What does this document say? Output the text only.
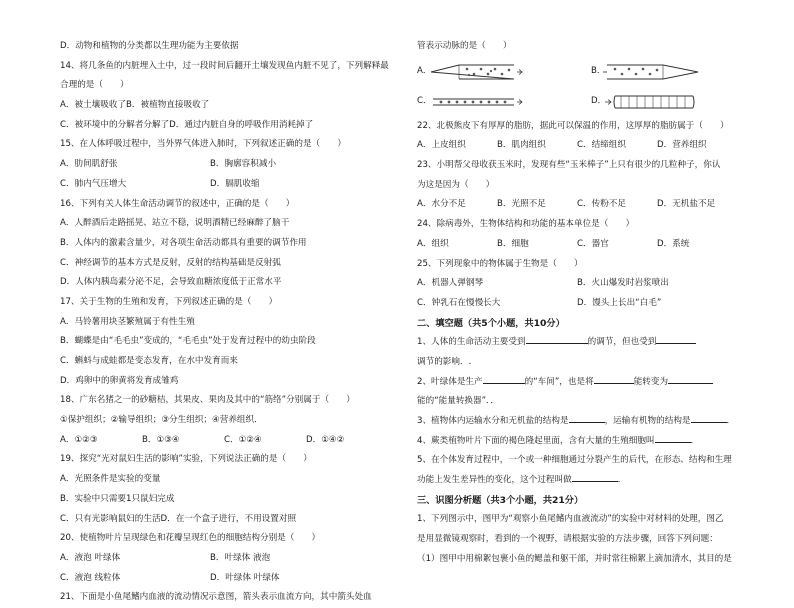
D．动物和植物的分类都以生理功能为主要依据
14、将几条鱼的内脏埋入土中，过一段时间后翻开土壤发现鱼内脏不见了，下列解释最
合理的是（　　）
A．被土壤吸收了B．被植物直接吸收了
C．被环境中的分解者分解了D．通过内脏自身的呼吸作用消耗掉了
15、在人体呼吸过程中，当外界气体进入肺时，下列叙述正确的是（　　）
A．肋间肌舒张	B．胸廓容积减小
C．肺内气压增大	D．膈肌收缩
16、下列有关人体生命活动调节的叙述中，正确的是（　　）
A．人醉酒后走路摇晃、站立不稳，说明酒精已经麻醉了脑干
B．人体内的激素含量少，对各项生命活动都具有重要的调节作用
C．神经调节的基本方式是反射，反射的结构基础是反射弧
D．人体内胰岛素分泌不足，会导致血糖浓度低于正常水平
17、关于生物的生殖和发育，下列叙述正确的是（　　）
A．马铃薯用块茎繁殖属于有性生殖
B．蝴蝶是由“毛毛虫”变成的，“毛毛虫”处于发育过程中的幼虫阶段
C．蝌蚪与成蛙都是变态发育，在水中发育而来
D．鸡卵中的卵黄将发育成雏鸡
18、广东名猪之一的砂糖桔，其果皮、果肉及其中的“筋络”分别属于（　　）
①保护组织；②输导组织；③分生组织；④营养组织．
A．①②③	B．①③④	C．①②④	D．①④②
19、探究“光对鼠妇生活的影响”实验，下列说法正确的是（　　）
A．光照条件是实验的变量
B．实验中只需要1只鼠妇完成
C．只有光影响鼠妇的生活D．在一个盒子进行，不用设置对照
20、使植物叶片呈现绿色和花瓣呈现红色的细胞结构分别是（　　）
A．液泡 叶绿体	B．叶绿体 液泡
C．液泡 线粒体	D．叶绿体 叶绿体
21、下面是小鱼尾鳍内血液的流动情况示意图，箭头表示血流方向，其中箭头处血
管表示动脉的是（　　）
A．	B．
C．	D．
22、北极熊皮下有厚厚的脂肪，据此可以保温的作用，这厚厚的脂肪属于（　　）
A．上皮组织	B．肌肉组织	C．结缔组织	D．营养组织
23、小明帮父母收获玉米时，发现有些“玉米棒子”上只有很少的几粒种子，你认
为这是因为（　　）
A．水分不足	B．光照不足	C．传粉不足	D．无机盐不足
24、除病毒外，生物体结构和功能的基本单位是（　　）
A．组织	B．细胞	C．器官	D．系统
25、下列现象中的物体属于生物是（　　）
A．机器人弹钢琴	B．火山爆发时岩浆喷出
C．钟乳石在慢慢长大	D．馒头上长出“白毛”
二、填空题（共5个小题，共10分）
1、人体的生命活动主要受到	的调节，但也受到
调节的影响．.
2、叶绿体是生产	的“车间”，也是将	能转变为
能的“能量转换器”．．
3、植物体内运输水分和无机盐的结构是	，运输有机物的结构是	．
4、蕨类植物叶片下面的褐色隆起里面，含有大量的生殖细胞叫	．
5、在个体发育过程中，一个或一种细胞通过分裂产生的后代，在形态、结构和生理
功能上发生差异性的变化，这个过程叫做	．
三、识图分析题（共3个小题，共21分）
1、下列图示中，图甲为“观察小鱼尾鳍内血液流动”的实验中对材料的处理，图乙
是用显微镜观察时，看到的一个视野，请根据实验的方法步骤，回答下列问题：
（1）图甲中用棉絮包裹小鱼的鳃盖和躯干部，并时常往棉絮上滴加清水，其目的是
